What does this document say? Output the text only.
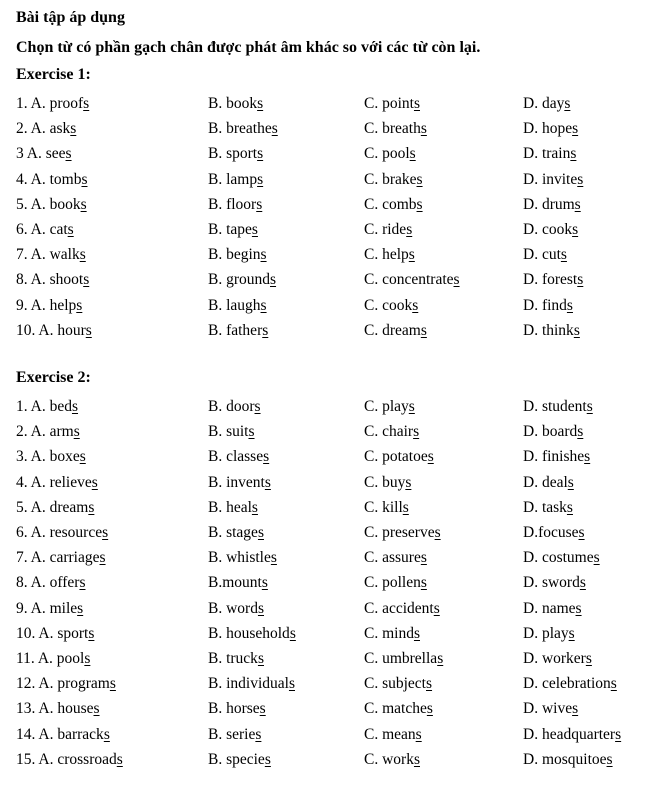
Bài tập áp dụng

Chọn từ có phần gạch chân được phát âm khác so với các từ còn lại.

Exercise 1:

1. A. proofs	B. books	C. points	D. days
2. A. asks	B. breathes	C. breaths	D. hopes
3 A. sees	B. sports	C. pools	D. trains
4. A. tombs	B. lamps	C. brakes	D. invites
5. A. books	B. floors	C. combs	D. drums
6. A. cats	B. tapes	C. rides	D. cooks
7. A. walks	B. begins	C. helps	D. cuts
8. A. shoots	B. grounds	C. concentrates	D. forests
9. A. helps	B. laughs	C. cooks	D. finds
10. A. hours	B. fathers	C. dreams	D. thinks

Exercise 2:

1. A. beds	B. doors	C. plays	D. students
2. A. arms	B. suits	C. chairs	D. boards
3. A. boxes	B. classes	C. potatoes	D. finishes
4. A. relieves	B. invents	C. buys	D. deals
5. A. dreams	B. heals	C. kills	D. tasks
6. A. resources	B. stages	C. preserves	D.focuses
7. A. carriages	B. whistles	C. assures	D. costumes
8. A. offers	B.mounts	C. pollens	D. swords
9. A. miles	B. words	C. accidents	D. names
10. A. sports	B. households	C. minds	D. plays
11. A. pools	B. trucks	C. umbrellas	D. workers
12. A. programs	B. individuals	C. subjects	D. celebrations
13. A. houses	B. horses	C. matches	D. wives
14. A. barracks	B. series	C. means	D. headquarters
15. A. crossroads	B. species	C. works	D. mosquitoes
